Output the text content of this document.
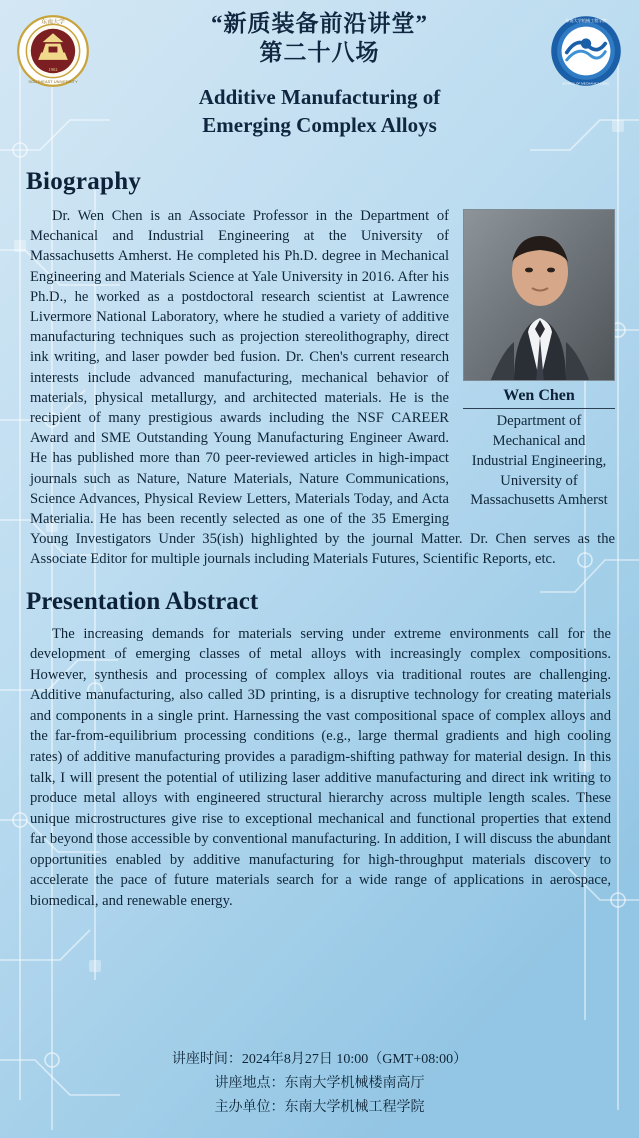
东南大学
SOUTHEAST UNIVERSITY
1902
东南大学机械工程学院
SCHOOL OF MECHANICAL ENG.
“新质装备前沿讲堂”
第二十八场
Additive Manufacturing of
Emerging Complex Alloys
Biography
Wen Chen
Department of Mechanical and Industrial Engineering, University of Massachusetts Amherst
Dr. Wen Chen is an Associate Professor in the Department of Mechanical and Industrial Engineering at the University of Massachusetts Amherst. He completed his Ph.D. degree in Mechanical Engineering and Materials Science at Yale University in 2016. After his Ph.D., he worked as a postdoctoral research scientist at Lawrence Livermore National Laboratory, where he studied a variety of additive manufacturing techniques such as projection stereolithography, direct ink writing, and laser powder bed fusion. Dr. Chen's current research interests include advanced manufacturing, mechanical behavior of materials, physical metallurgy, and architected materials. He is the recipient of many prestigious awards including the NSF CAREER Award and SME Outstanding Young Manufacturing Engineer Award. He has published more than 70 peer-reviewed articles in high-impact journals such as Nature, Nature Materials, Nature Communications, Science Advances, Physical Review Letters, Materials Today, and Acta Materialia. He has been recently selected as one of the 35 Emerging Young Investigators Under 35(ish) highlighted by the journal Matter. Dr. Chen serves as the Associate Editor for multiple journals including Materials Futures, Scientific Reports, etc.
Presentation Abstract
The increasing demands for materials serving under extreme environments call for the development of emerging classes of metal alloys with increasingly complex compositions. However, synthesis and processing of complex alloys via traditional routes are challenging. Additive manufacturing, also called 3D printing, is a disruptive technology for creating materials and components in a single print. Harnessing the vast compositional space of complex alloys and the far-from-equilibrium processing conditions (e.g., large thermal gradients and high cooling rates) of additive manufacturing provides a paradigm-shifting pathway for material design. In this talk, I will present the potential of utilizing laser additive manufacturing and direct ink writing to produce metal alloys with engineered structural hierarchy across multiple length scales. These unique microstructures give rise to exceptional mechanical and functional properties that extend far beyond those accessible by conventional manufacturing. In addition, I will discuss the abundant opportunities enabled by additive manufacturing for high-throughput materials discovery to accelerate the pace of future materials search for a wide range of applications in aerospace, biomedical, and renewable energy.
讲座时间：2024年8月27日 10:00（GMT+08:00）
讲座地点：东南大学机械楼南高厅
主办单位：东南大学机械工程学院
